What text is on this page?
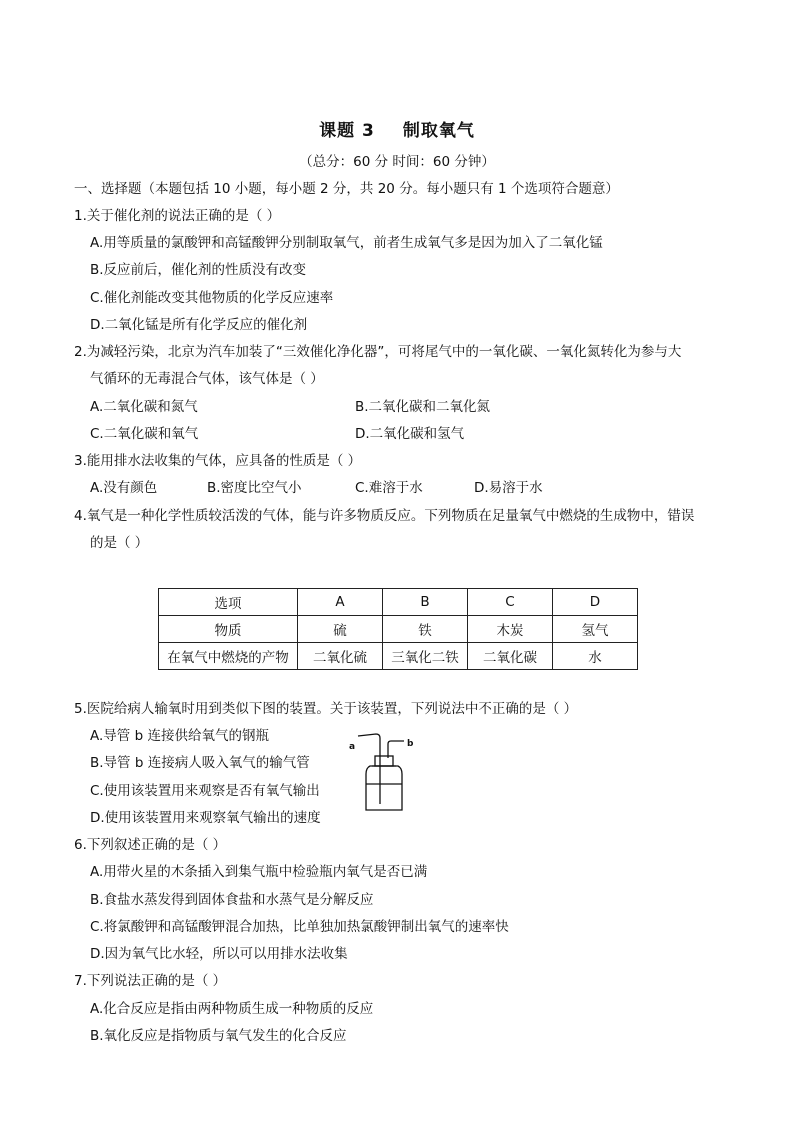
课题 3 制取氧气
（总分：60 分 时间：60 分钟）
一、选择题（本题包括 10 小题，每小题 2 分，共 20 分。每小题只有 1 个选项符合题意）
1.关于催化剂的说法正确的是（ ）
A.用等质量的氯酸钾和高锰酸钾分别制取氧气，前者生成氧气多是因为加入了二氧化锰
B.反应前后，催化剂的性质没有改变
C.催化剂能改变其他物质的化学反应速率
D.二氧化锰是所有化学反应的催化剂
2.为减轻污染，北京为汽车加装了“三效催化净化器”，可将尾气中的一氧化碳、一氧化氮转化为参与大
气循环的无毒混合气体，该气体是（ ）
A.二氧化碳和氮气	B.二氧化碳和二氧化氮
C.二氧化碳和氧气	D.二氧化碳和氢气
3.能用排水法收集的气体，应具备的性质是（ ）
A.没有颜色	B.密度比空气小	C.难溶于水	D.易溶于水
4.氧气是一种化学性质较活泼的气体，能与许多物质反应。下列物质在足量氧气中燃烧的生成物中，错误
的是（ ）
选项	A	B	C	D
物质	硫	铁	木炭	氢气
在氧气中燃烧的产物	二氧化硫	三氧化二铁	二氧化碳	水
5.医院给病人输氧时用到类似下图的装置。关于该装置，下列说法中不正确的是（ ）
A.导管 b 连接供给氧气的钢瓶
B.导管 b 连接病人吸入氧气的输气管
C.使用该装置用来观察是否有氧气输出
D.使用该装置用来观察氧气输出的速度
a	b
6.下列叙述正确的是（ ）
A.用带火星的木条插入到集气瓶中检验瓶内氧气是否已满
B.食盐水蒸发得到固体食盐和水蒸气是分解反应
C.将氯酸钾和高锰酸钾混合加热，比单独加热氯酸钾制出氧气的速率快
D.因为氧气比水轻，所以可以用排水法收集
7.下列说法正确的是（ ）
A.化合反应是指由两种物质生成一种物质的反应
B.氧化反应是指物质与氧气发生的化合反应
